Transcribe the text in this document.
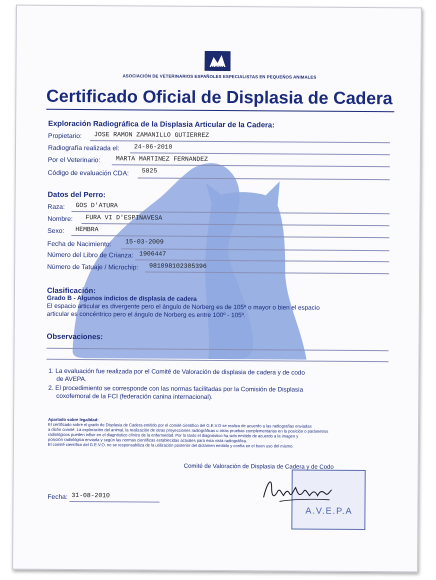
AVEPA
ASOCIACIÓN DE VETERINARIOS ESPAÑOLES ESPECIALISTAS EN PEQUEÑOS ANIMALES
Certificado Oficial de Displasia de Cadera
Exploración Radiográfica de la Displasia Articular de la Cadera:
Propietario: JOSE RAMON ZAMANILLO GUTIERREZ
Radiografía realizada el: 24-06-2010
Por el Veterinario: MARTA MARTINEZ FERNANDEZ
Código de evaluación CDA: 5825
Datos del Perro:
Raza: GOS D'ATURA
Nombre: FURA VI D'ESPINAVESA
Sexo: HEMBRA
Fecha de Nacimiento: 15-03-2009
Número del Libro de Crianza: 1906447
Número de Tatuaje / Microchip: 981098102305396
Clasificación:
Grado B - Algunos indicios de displasia de cadera
El espacio articular es divergente pero el ángulo de Norberg es de 105º o mayor o bien el espacio
articular es concéntrico pero el ángulo de Norberg es entre 100º - 105º.
Observaciones:
1. La evaluación fue realizada por el Comité de Valoración de displasia de cadera y de codo
de AVEPA.
2. El procedimiento se corresponde con las normas facilitadas por la Comisión de Displasia
coxofemoral de la FCI (federación canina internacional).
Apartado sobre legalidad:
El certificado sobre el grado de Displasia de Cadera emitido por el comité científico del G.E.V.O se realiza de acuerdo a las radiografías enviadas
a dicho comité. La exploración del animal, la realización de otras proyecciones radiográficas u otras pruebas complementarias en la posición o parámetros
radiológicos pueden influir en el diagnóstico clínico de la enfermedad. Por lo tanto el diagnóstico ha sido emitido de acuerdo a la imagen y
posición radiológica enviada y según las normas científicas establecidas actuales para esta vista radiográfica.
El comité científico del G.E.V.O. no se responsabiliza de la utilización posterior del dictamen emitido y confía en el buen uso del mismo.
Comité de Valoración de Displasia de Cadera y de Codo
A.V.E.P.A
Fecha: 31-08-2010
